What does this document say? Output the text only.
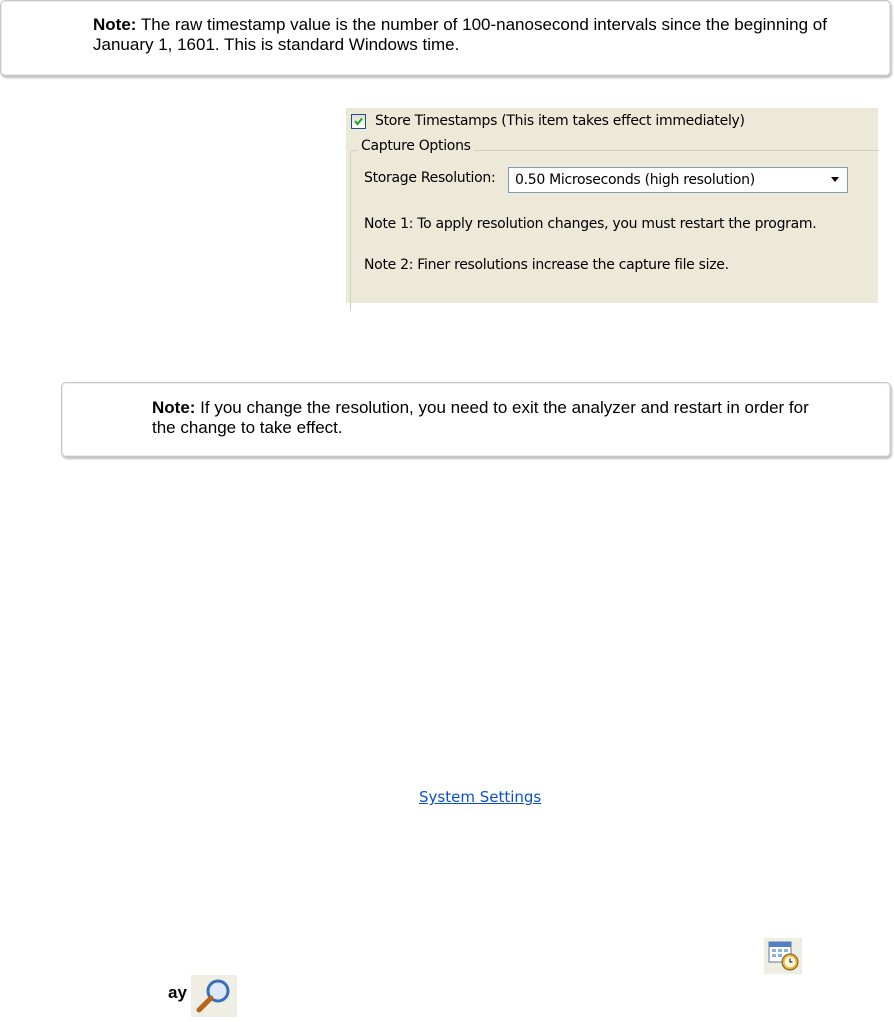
Note: The raw timestamp value is the number of 100-nanosecond intervals since the beginning of January 1, 1601. This is standard Windows time.
Store Timestamps (This item takes effect immediately)
Capture Options
Storage Resolution: 0.50 Microseconds (high resolution)
Note 1: To apply resolution changes, you must restart the program.
Note 2: Finer resolutions increase the capture file size.
Note: If you change the resolution, you need to exit the analyzer and restart in order for the change to take effect.
System Settings
ay
